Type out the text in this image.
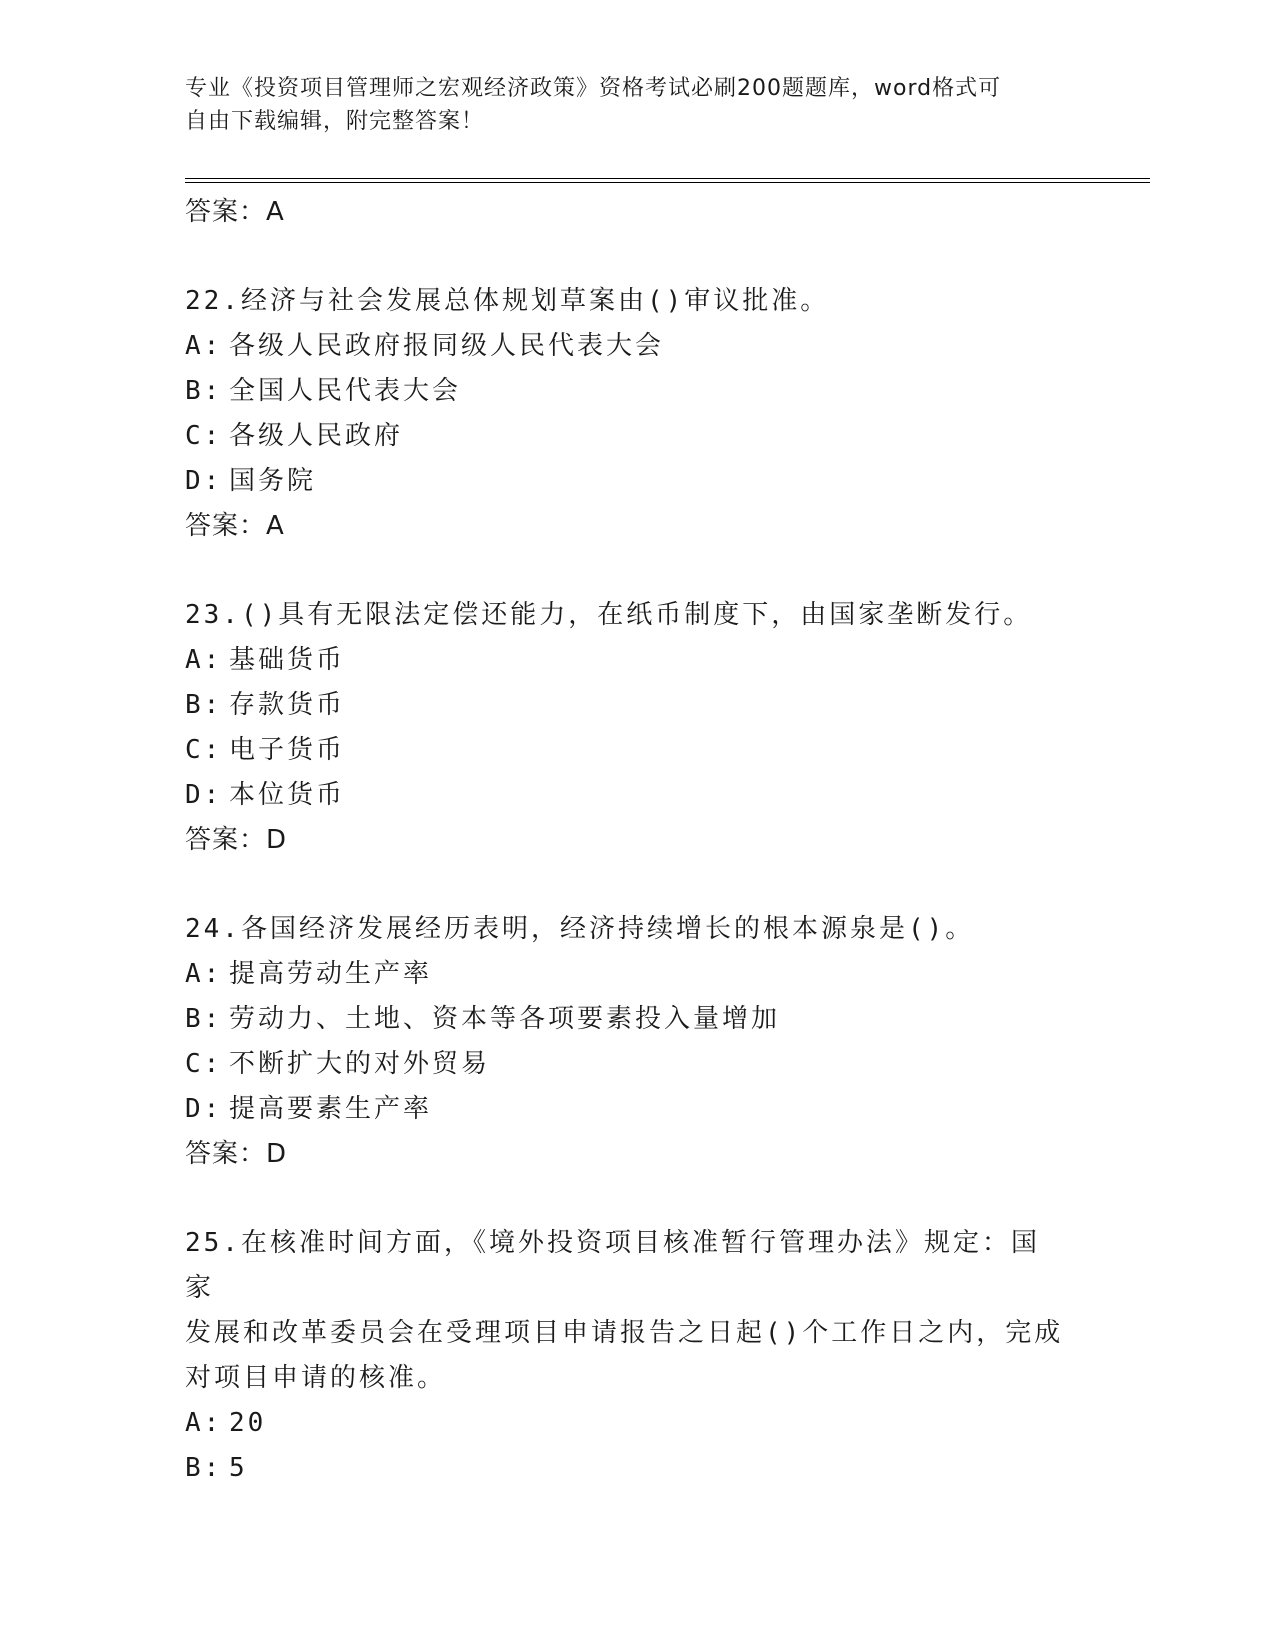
专业《投资项目管理师之宏观经济政策》资格考试必刷200题题库，word格式可
自由下载编辑，附完整答案！
答案：A
22.经济与社会发展总体规划草案由()审议批准。
A: 各级人民政府报同级人民代表大会
B: 全国人民代表大会
C: 各级人民政府
D: 国务院
答案：A
23.()具有无限法定偿还能力，在纸币制度下，由国家垄断发行。
A: 基础货币
B: 存款货币
C: 电子货币
D: 本位货币
答案：D
24.各国经济发展经历表明，经济持续增长的根本源泉是()。
A: 提高劳动生产率
B: 劳动力、土地、资本等各项要素投入量增加
C: 不断扩大的对外贸易
D: 提高要素生产率
答案：D
25.在核准时间方面，《境外投资项目核准暂行管理办法》规定：国家
发展和改革委员会在受理项目申请报告之日起()个工作日之内，完成
对项目申请的核准。
A: 20
B: 5
